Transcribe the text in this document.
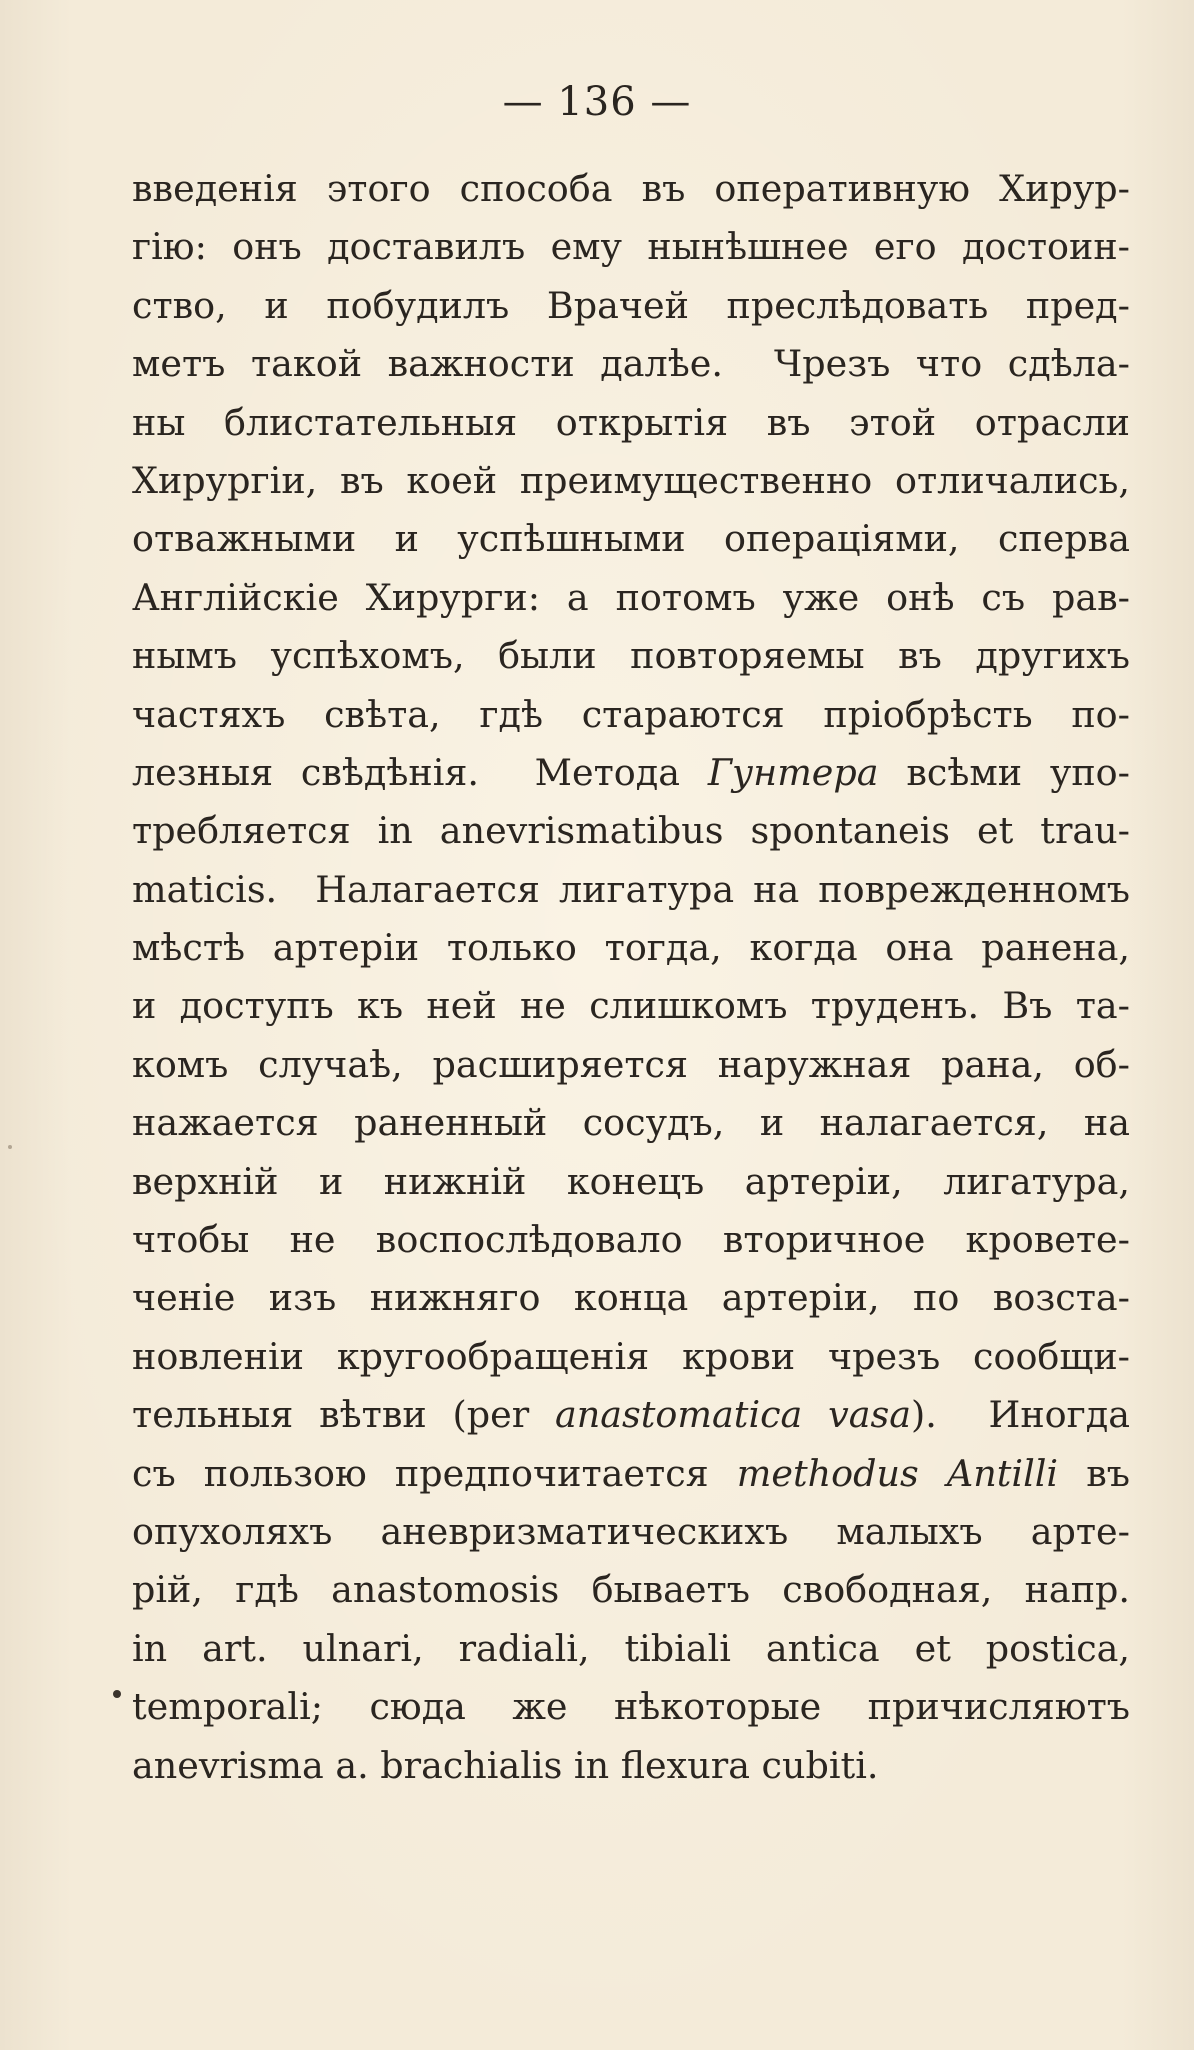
— 136 —
введенія этого способа въ оперативную Хирур-
гію: онъ доставилъ ему нынѣшнее его достоин-
ство, и побудилъ Врачей преслѣдовать пред-
метъ такой важности далѣе.  Чрезъ что сдѣла-
ны блистательныя открытія въ этой отрасли
Хирургіи, въ коей преимущественно отличались,
отважными и успѣшными операціями, сперва
Англійскіе Хирурги: а потомъ уже онѣ съ рав-
нымъ успѣхомъ, были повторяемы въ другихъ
частяхъ свѣта, гдѣ стараются пріобрѣсть по-
лезныя свѣдѣнія.  Метода Гунтера всѣми упо-
требляется in anevrismatibus spontaneis et trau-
maticis.  Налагается лигатура на поврежденномъ
мѣстѣ артеріи только тогда, когда она ранена,
и доступъ къ ней не слишкомъ труденъ. Въ та-
комъ случаѣ, расширяется наружная рана, об-
нажается раненный сосудъ, и налагается, на
верхній и нижній конецъ артеріи, лигатура,
чтобы не воспослѣдовало вторичное кровете-
ченіе изъ нижняго конца артеріи, по возста-
новленіи кругообращенія крови чрезъ сообщи-
тельныя вѣтви (per anastomatica vasa).  Иногда
съ пользою предпочитается methodus Antilli въ
опухоляхъ аневризматическихъ малыхъ арте-
рій, гдѣ anastomosis бываетъ свободная, напр.
in art. ulnari, radiali, tibiali antica et postica,
temporali; сюда же нѣкоторые причисляютъ
anevrisma a. brachialis in flexura cubiti.
